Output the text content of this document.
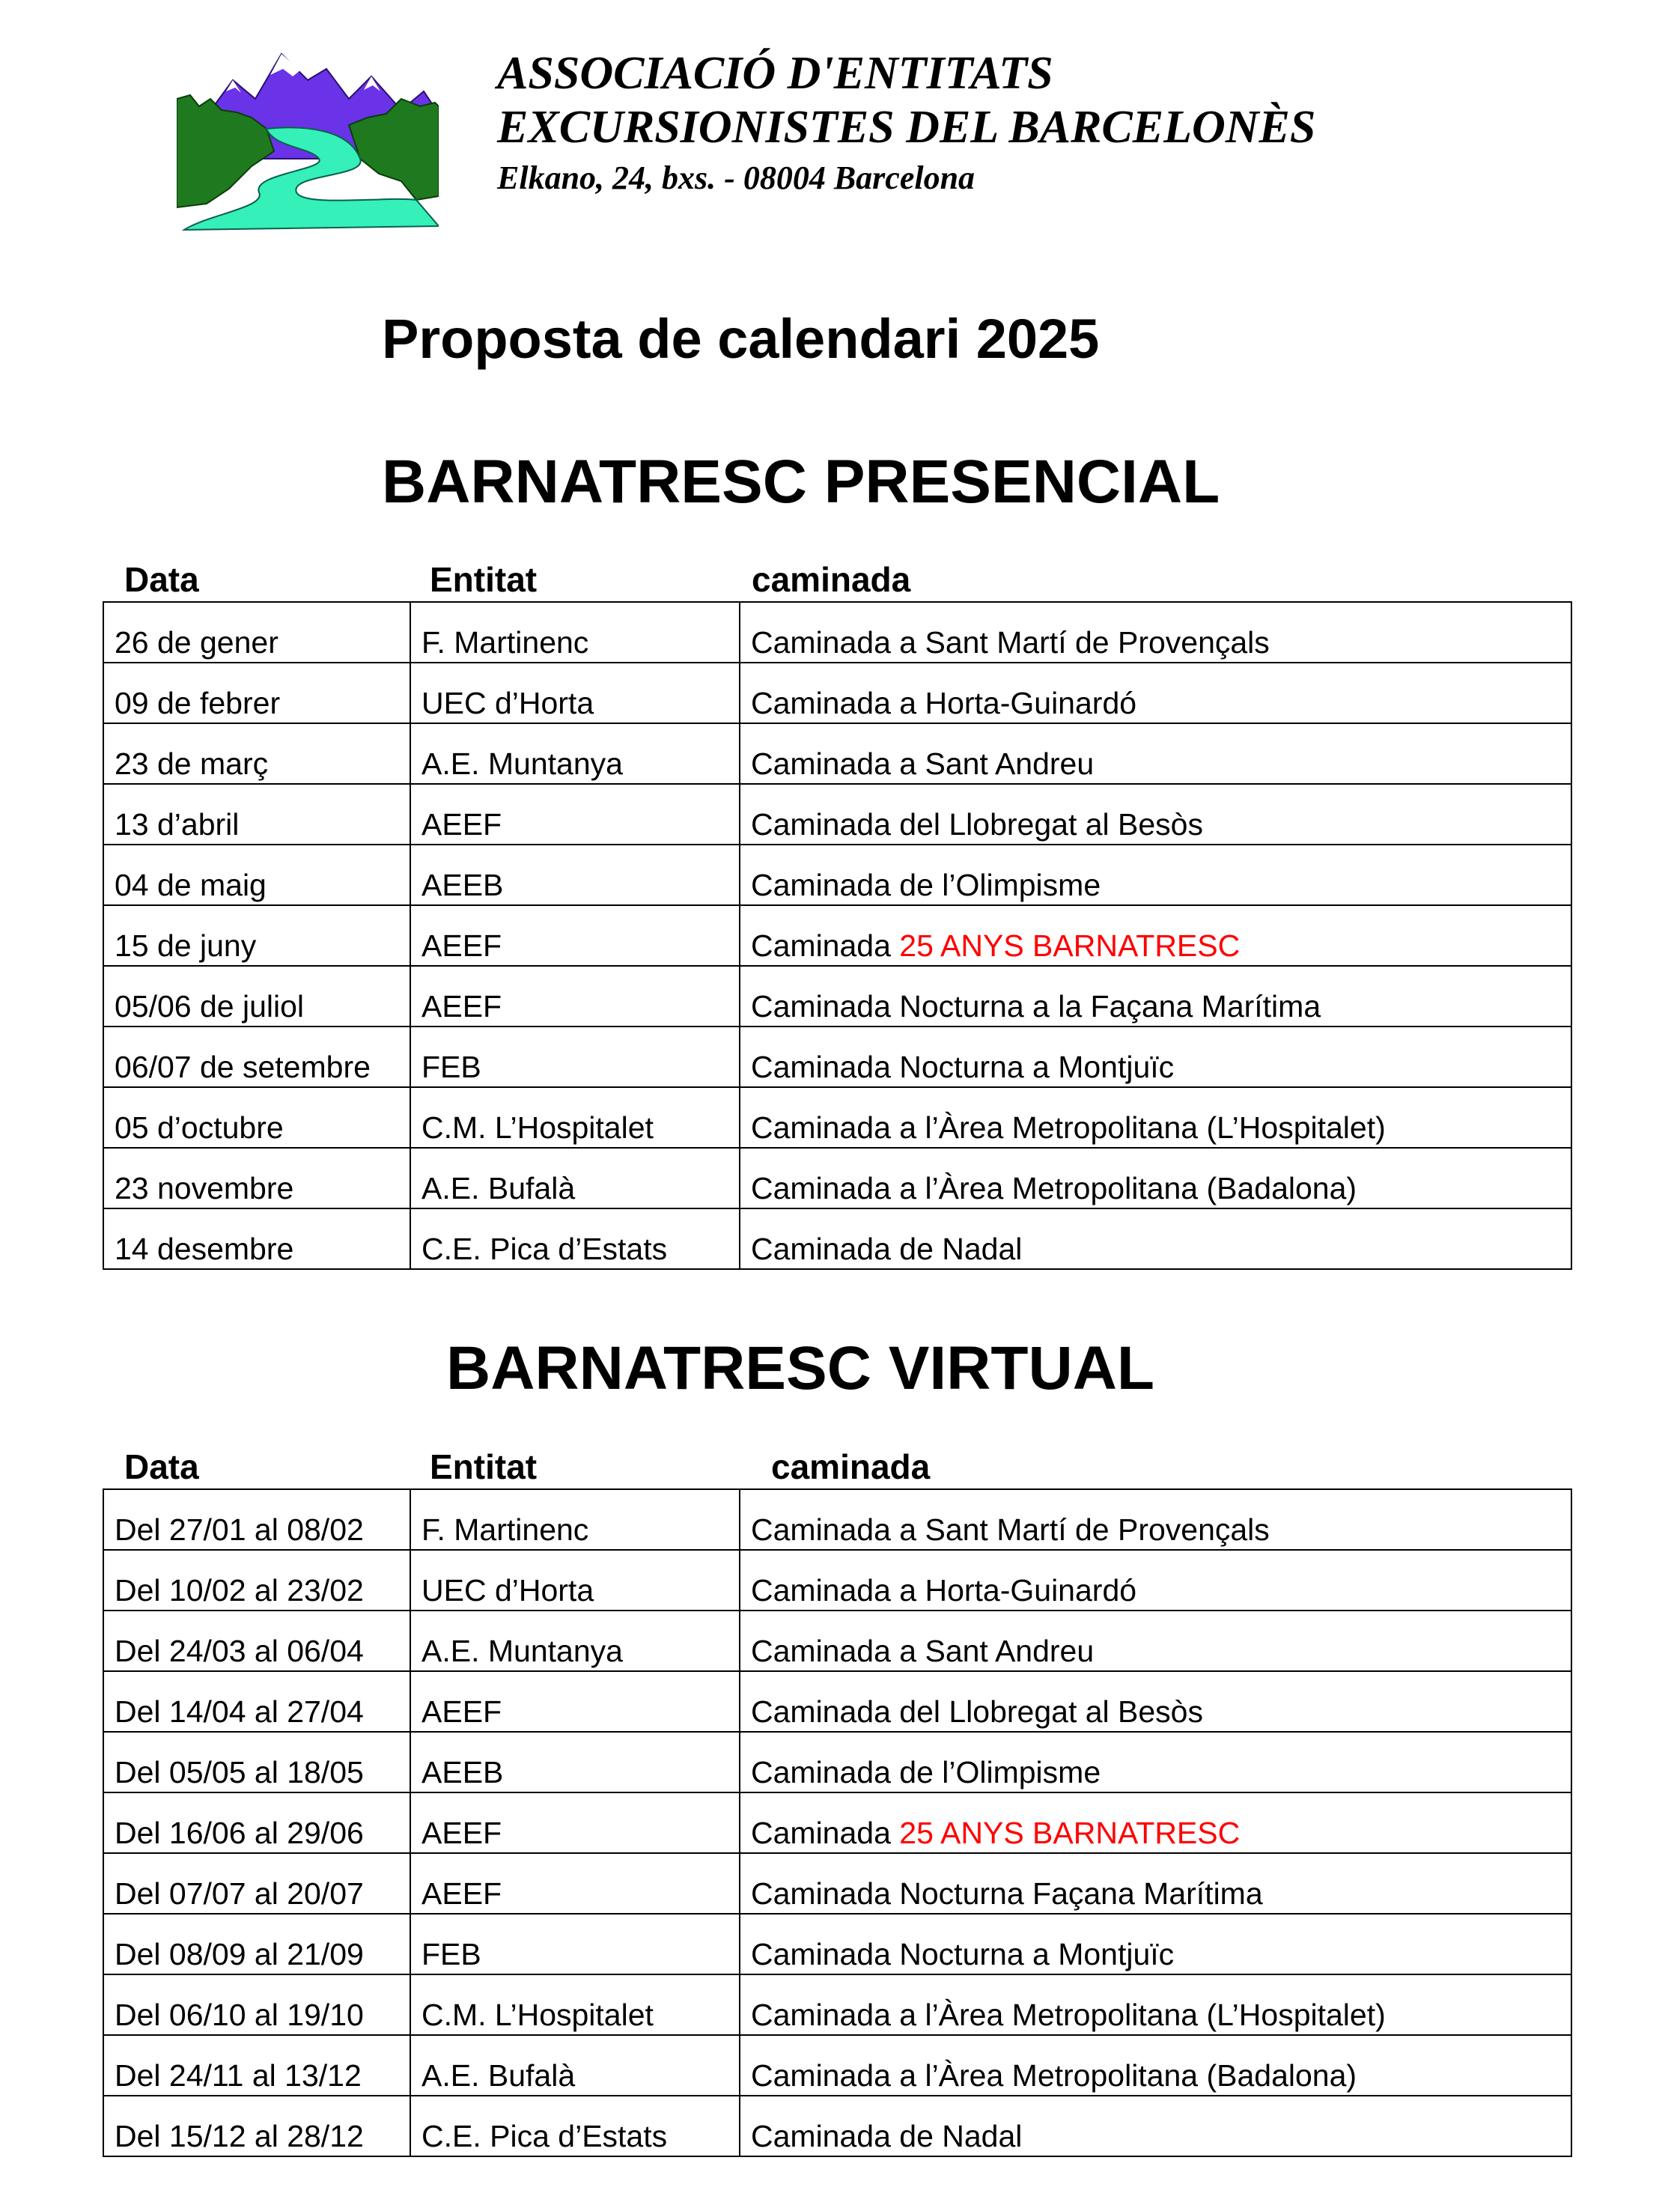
ASSOCIACIÓ D'ENTITATS
EXCURSIONISTES DEL BARCELONÈS
Elkano, 24, bxs. - 08004 Barcelona
Proposta de calendari 2025
BARNATRESC PRESENCIAL
Data	Entitat	caminada
26 de gener	F. Martinenc	Caminada a Sant Martí de Provençals
09 de febrer	UEC d’Horta	Caminada a Horta-Guinardó
23 de març	A.E. Muntanya	Caminada a Sant Andreu
13 d’abril	AEEF	Caminada del Llobregat al Besòs
04 de maig	AEEB	Caminada de l’Olimpisme
15 de juny	AEEF	Caminada 25 ANYS BARNATRESC
05/06 de juliol	AEEF	Caminada Nocturna a la Façana Marítima
06/07 de setembre	FEB	Caminada Nocturna a Montjuïc
05 d’octubre	C.M. L’Hospitalet	Caminada a l’Àrea Metropolitana (L’Hospitalet)
23 novembre	A.E. Bufalà	Caminada a l’Àrea Metropolitana (Badalona)
14 desembre	C.E. Pica d’Estats	Caminada de Nadal
BARNATRESC VIRTUAL
Data	Entitat	caminada
Del 27/01 al 08/02	F. Martinenc	Caminada a Sant Martí de Provençals
Del 10/02 al 23/02	UEC d’Horta	Caminada a Horta-Guinardó
Del 24/03 al 06/04	A.E. Muntanya	Caminada a Sant Andreu
Del 14/04 al 27/04	AEEF	Caminada del Llobregat al Besòs
Del 05/05 al 18/05	AEEB	Caminada de l’Olimpisme
Del 16/06 al 29/06	AEEF	Caminada 25 ANYS BARNATRESC
Del 07/07 al 20/07	AEEF	Caminada Nocturna Façana Marítima
Del 08/09 al 21/09	FEB	Caminada Nocturna a Montjuïc
Del 06/10 al 19/10	C.M. L’Hospitalet	Caminada a l’Àrea Metropolitana (L’Hospitalet)
Del 24/11 al 13/12	A.E. Bufalà	Caminada a l’Àrea Metropolitana (Badalona)
Del 15/12 al 28/12	C.E. Pica d’Estats	Caminada de Nadal
